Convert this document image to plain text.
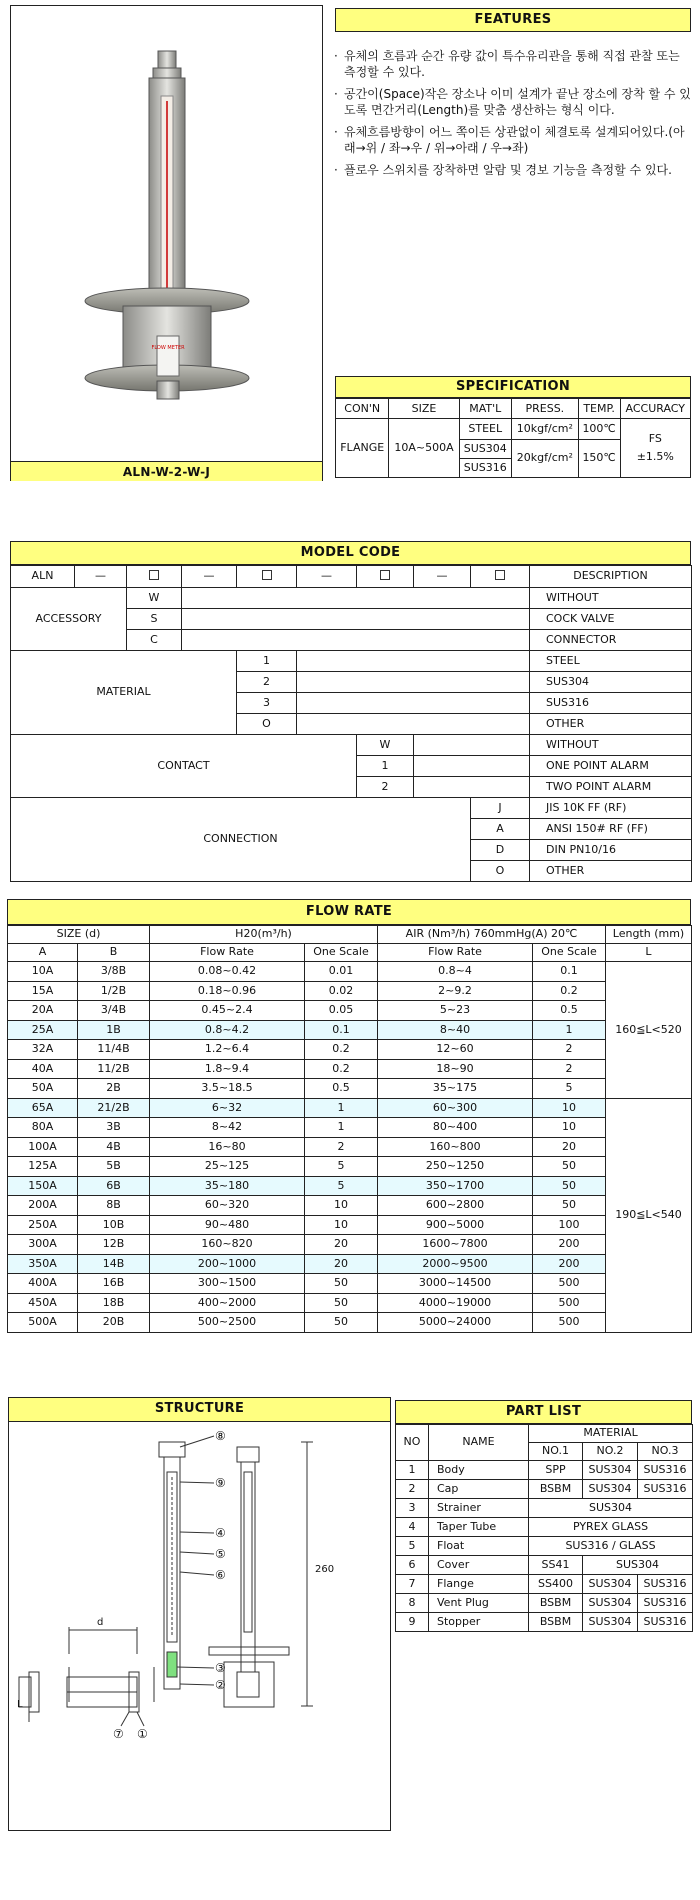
FLOW METER
ALN-W-2-W-J
FEATURES
· 유체의 흐름과 순간 유량 값이 특수유리관을 통해 직접 관찰 또는 측정할 수 있다.
· 공간이(Space)작은 장소나 이미 설계가 끝난 장소에 장착 할 수 있도록 면간거리(Length)를 맞춤 생산하는 형식 이다.
· 유체흐름방향이 어느 쪽이든 상관없이 체결토록 설계되어있다.(아래→위 / 좌→우 / 위→아래 / 우→좌)
· 플로우 스위치를 장착하면 알람 및 경보 기능을 측정할 수 있다.
SPECIFICATION
CON'N	SIZE	MAT'L	PRESS.	TEMP.	ACCURACY
FLANGE	10A~500A	STEEL	10kgf/cm²	100℃	FS
±1.5%

		SUS304	20kgf/cm²	150℃	
		SUS316			
MODEL CODE
ALN	—		—		—		—		DESCRIPTION
ACCESSORY		W							WITHOUT
		S							COCK VALVE
		C							CONNECTOR
MATERIAL				1					STEEL
				2					SUS304
				3					SUS316
				O					OTHER
CONTACT						W			WITHOUT
						1			ONE POINT ALARM
						2			TWO POINT ALARM
CONNECTION								J	JIS 10K FF (RF)
								A	ANSI 150# RF (FF)
								D	DIN PN10/16
								O	OTHER
FLOW RATE
SIZE (d)		H20(m³/h)		AIR (Nm³/h) 760mmHg(A) 20℃		Length (mm)
A	B	Flow Rate	One Scale	Flow Rate	One Scale	L
10A	3/8B	0.08~0.42	0.01	0.8~4	0.1	160≦L<520
15A	1/2B	0.18~0.96	0.02	2~9.2	0.2	
20A	3/4B	0.45~2.4	0.05	5~23	0.5	
25A	1B	0.8~4.2	0.1	8~40	1	
32A	11/4B	1.2~6.4	0.2	12~60	2	
40A	11/2B	1.8~9.4	0.2	18~90	2	
50A	2B	3.5~18.5	0.5	35~175	5	
65A	21/2B	6~32	1	60~300	10	190≦L<540
80A	3B	8~42	1	80~400	10	
100A	4B	16~80	2	160~800	20	
125A	5B	25~125	5	250~1250	50	
150A	6B	35~180	5	350~1700	50	
200A	8B	60~320	10	600~2800	50	
250A	10B	90~480	10	900~5000	100	
300A	12B	160~820	20	1600~7800	200	
350A	14B	200~1000	20	2000~9500	200	
400A	16B	300~1500	50	3000~14500	500	
450A	18B	400~2000	50	4000~19000	500	
500A	20B	500~2500	50	5000~24000	500	
STRUCTURE
⑧
⑨
④
⑤
⑥
③
②
⑦ ①
d
L
260
PART LIST
NO	NAME	MATERIAL		
		NO.1	NO.2	NO.3
1	Body	SPP	SUS304	SUS316
2	Cap	BSBM	SUS304	SUS316
3	Strainer	SUS304		
4	Taper Tube	PYREX GLASS		
5	Float	SUS316 / GLASS		
6	Cover	SS41	SUS304	
7	Flange	SS400	SUS304	SUS316
8	Vent Plug	BSBM	SUS304	SUS316
9	Stopper	BSBM	SUS304	SUS316
